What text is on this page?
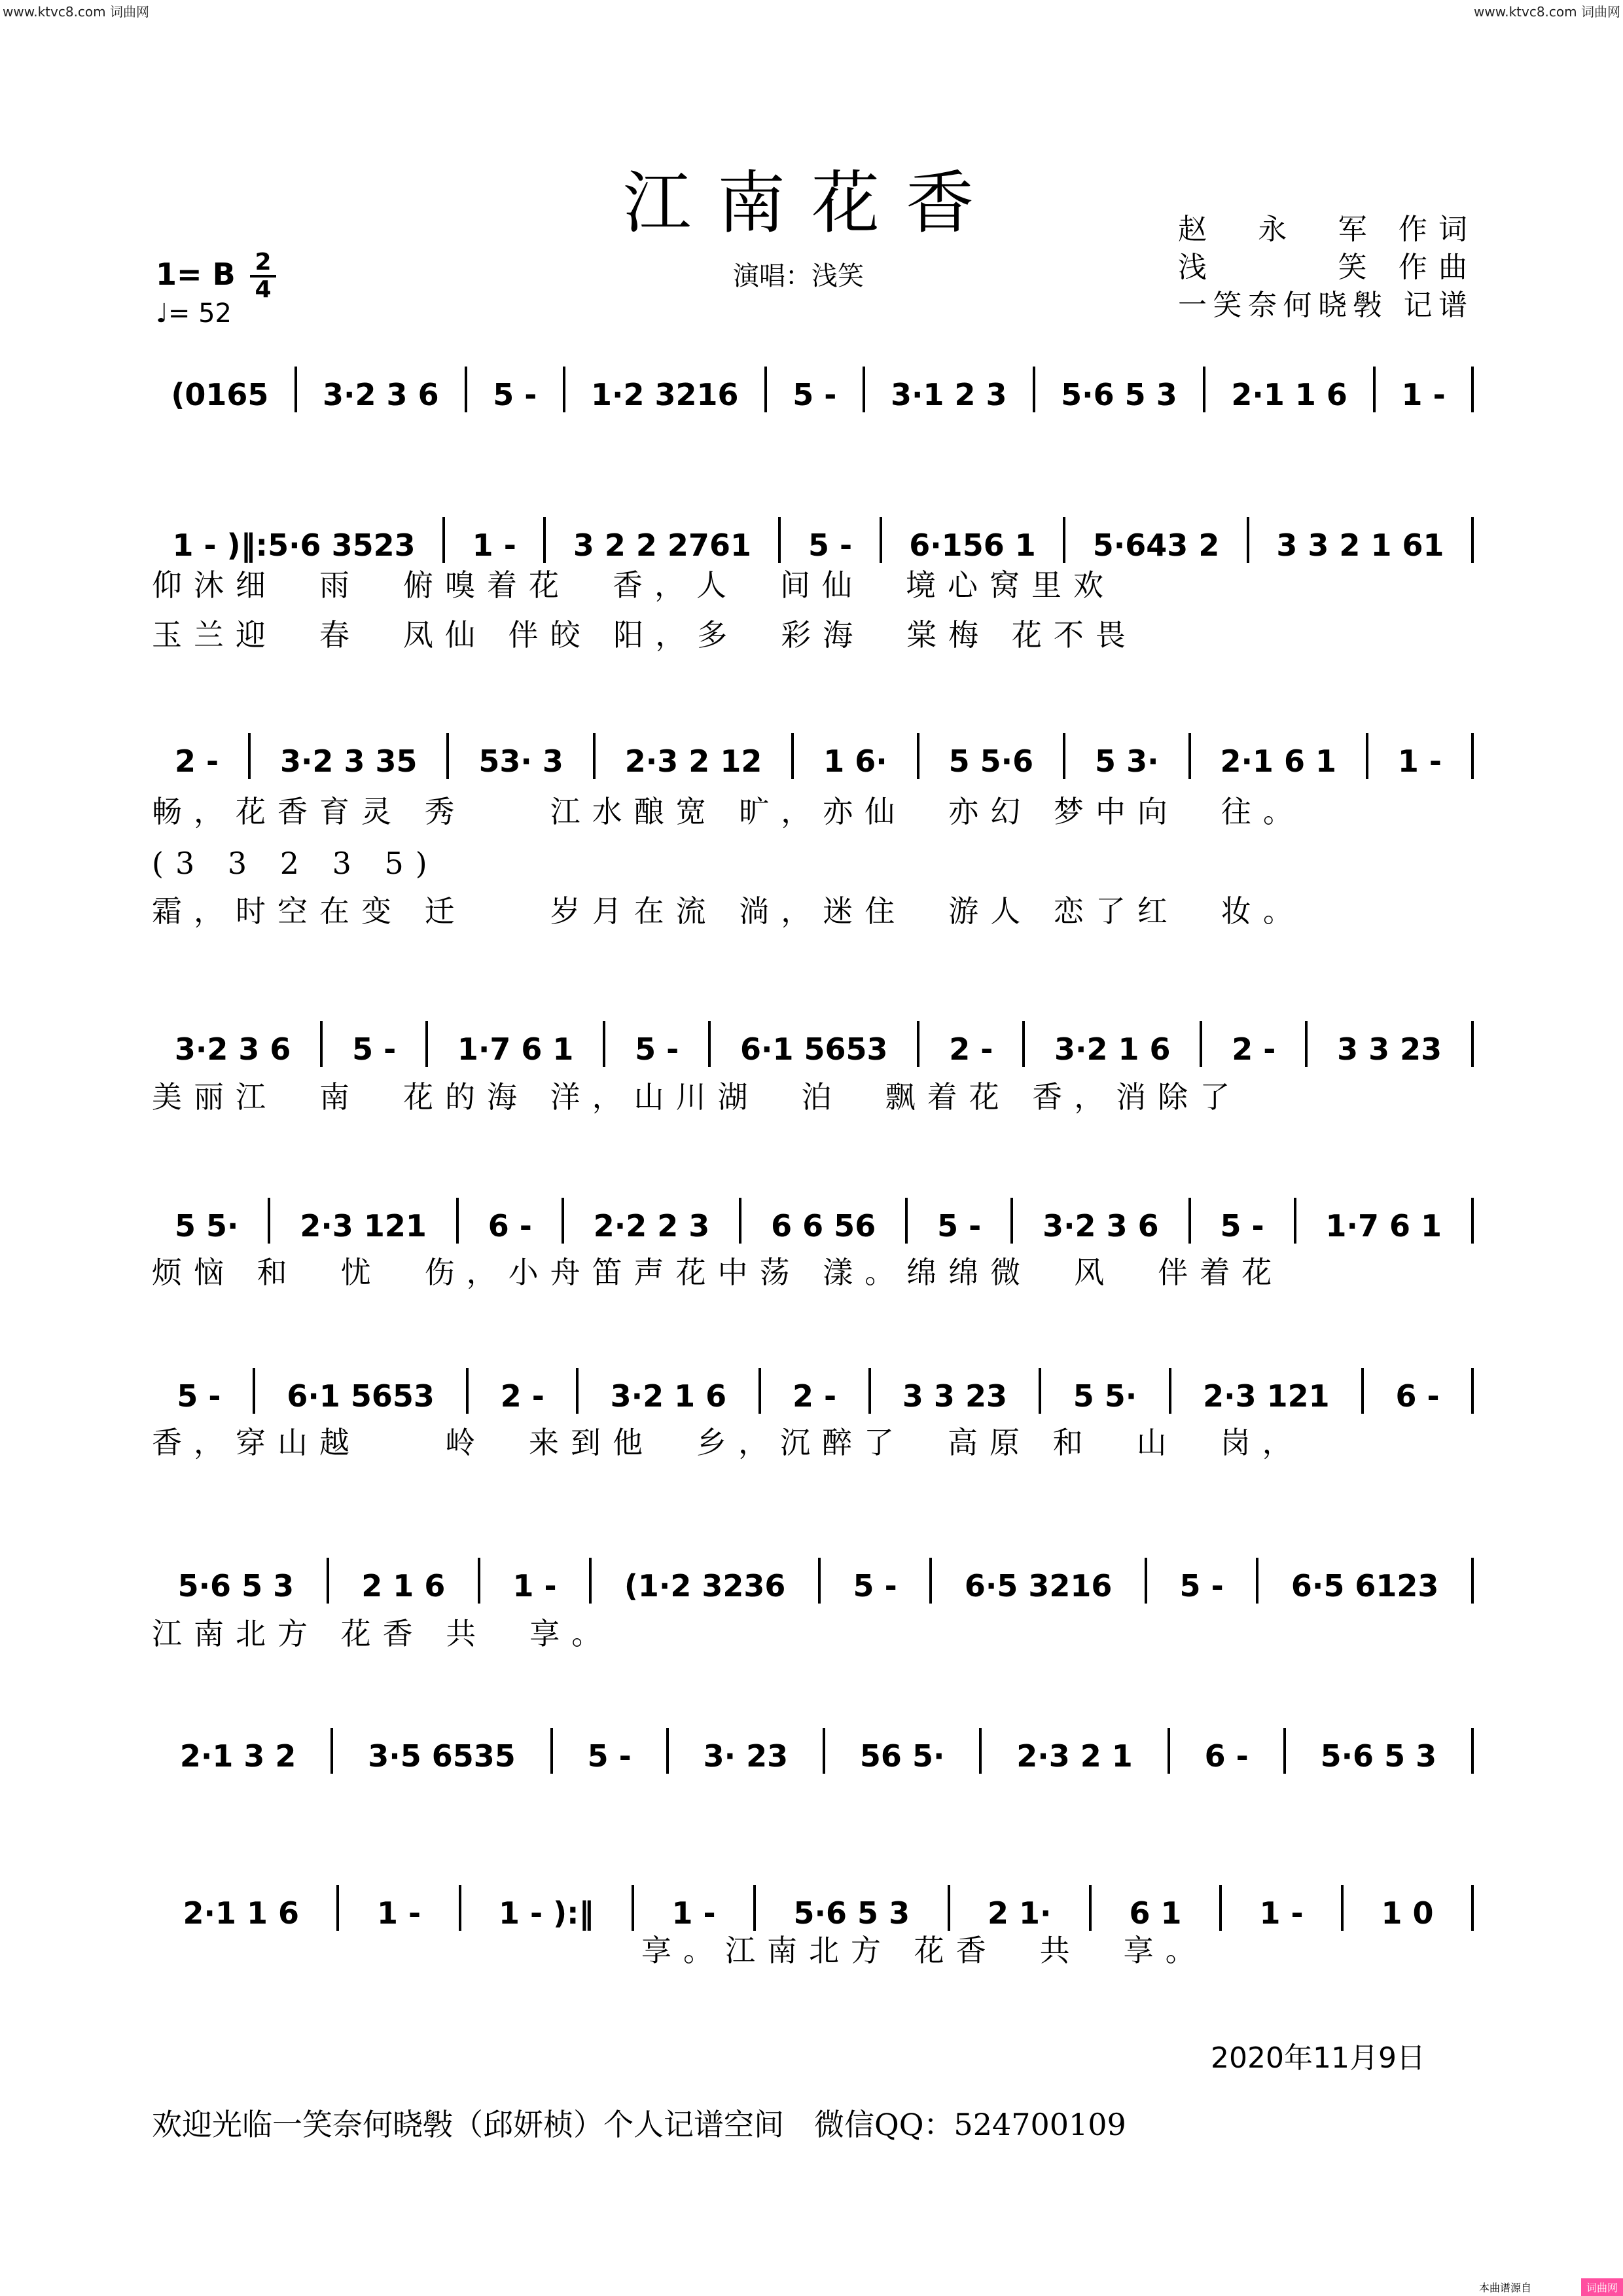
www.ktvc8.com 词曲网	www.ktvc8.com 词曲网
江南花香	赵　永　军 作词
浅　　　笑 作曲
一笑奈何晓斅 记谱
演唱：浅笑
1= B 2
4
♩= 52
(0165	3·2 3 6	5 -	1·2 3216	5 -	3·1 2 3	5·6 5 3	2·1 1 6	1 -
1 - )‖:5·6 3523	1 -	3 2 2 2761	5 -	6·156 1	5·643 2	3 3 2 1 61
2 -	3·2 3 35	53· 3	2·3 2 12	1 6·	5 5·6	5 3·	2·1 6 1	1 -
3·2 3 6	5 -	1·7 6 1	5 -	6·1 5653	2 -	3·2 1 6	2 -	3 3 23
5 5·	2·3 121	6 -	2·2 2 3	6 6 56	5 -	3·2 3 6	5 -	1·7 6 1
5 -	6·1 5653	2 -	3·2 1 6	2 -	3 3 23	5 5·	2·3 121	6 -
5·6 5 3	2 1 6	1 -	(1·2 3236	5 -	6·5 3216	5 -	6·5 6123
2·1 3 2	3·5 6535	5 -	3· 23	56 5·	2·3 2 1	6 -	5·6 5 3
2·1 1 6	1 -	1 - ):‖	1 -	5·6 5 3	2 1·	6 1	1 -	1 0
仰沐细　雨　俯嗅着花　香，人　间仙　境心窝里欢
玉兰迎　春　凤仙 伴皎 阳，多　彩海　棠梅 花不畏
畅，花香育灵 秀　　江水酿宽 旷，亦仙　亦幻 梦中向　往。
(3 3 2 3 5)
霜，时空在变 迁　　岁月在流 淌，迷住　游人 恋了红　妆。
美丽江　南　花的海 洋，山川湖　泊　飘着花 香，消除了
烦恼 和　忧　伤，小舟笛声花中荡 漾。绵绵微　风　伴着花
香，穿山越　　岭　来到他　乡，沉醉了　高原 和　山　岗，
江南北方 花香 共　享。
享。江南北方 花香　共　享。
2020年11月9日
欢迎光临一笑奈何晓斅（邱妍桢）个人记谱空间　微信QQ：524700109
本曲谱源自	词曲网
